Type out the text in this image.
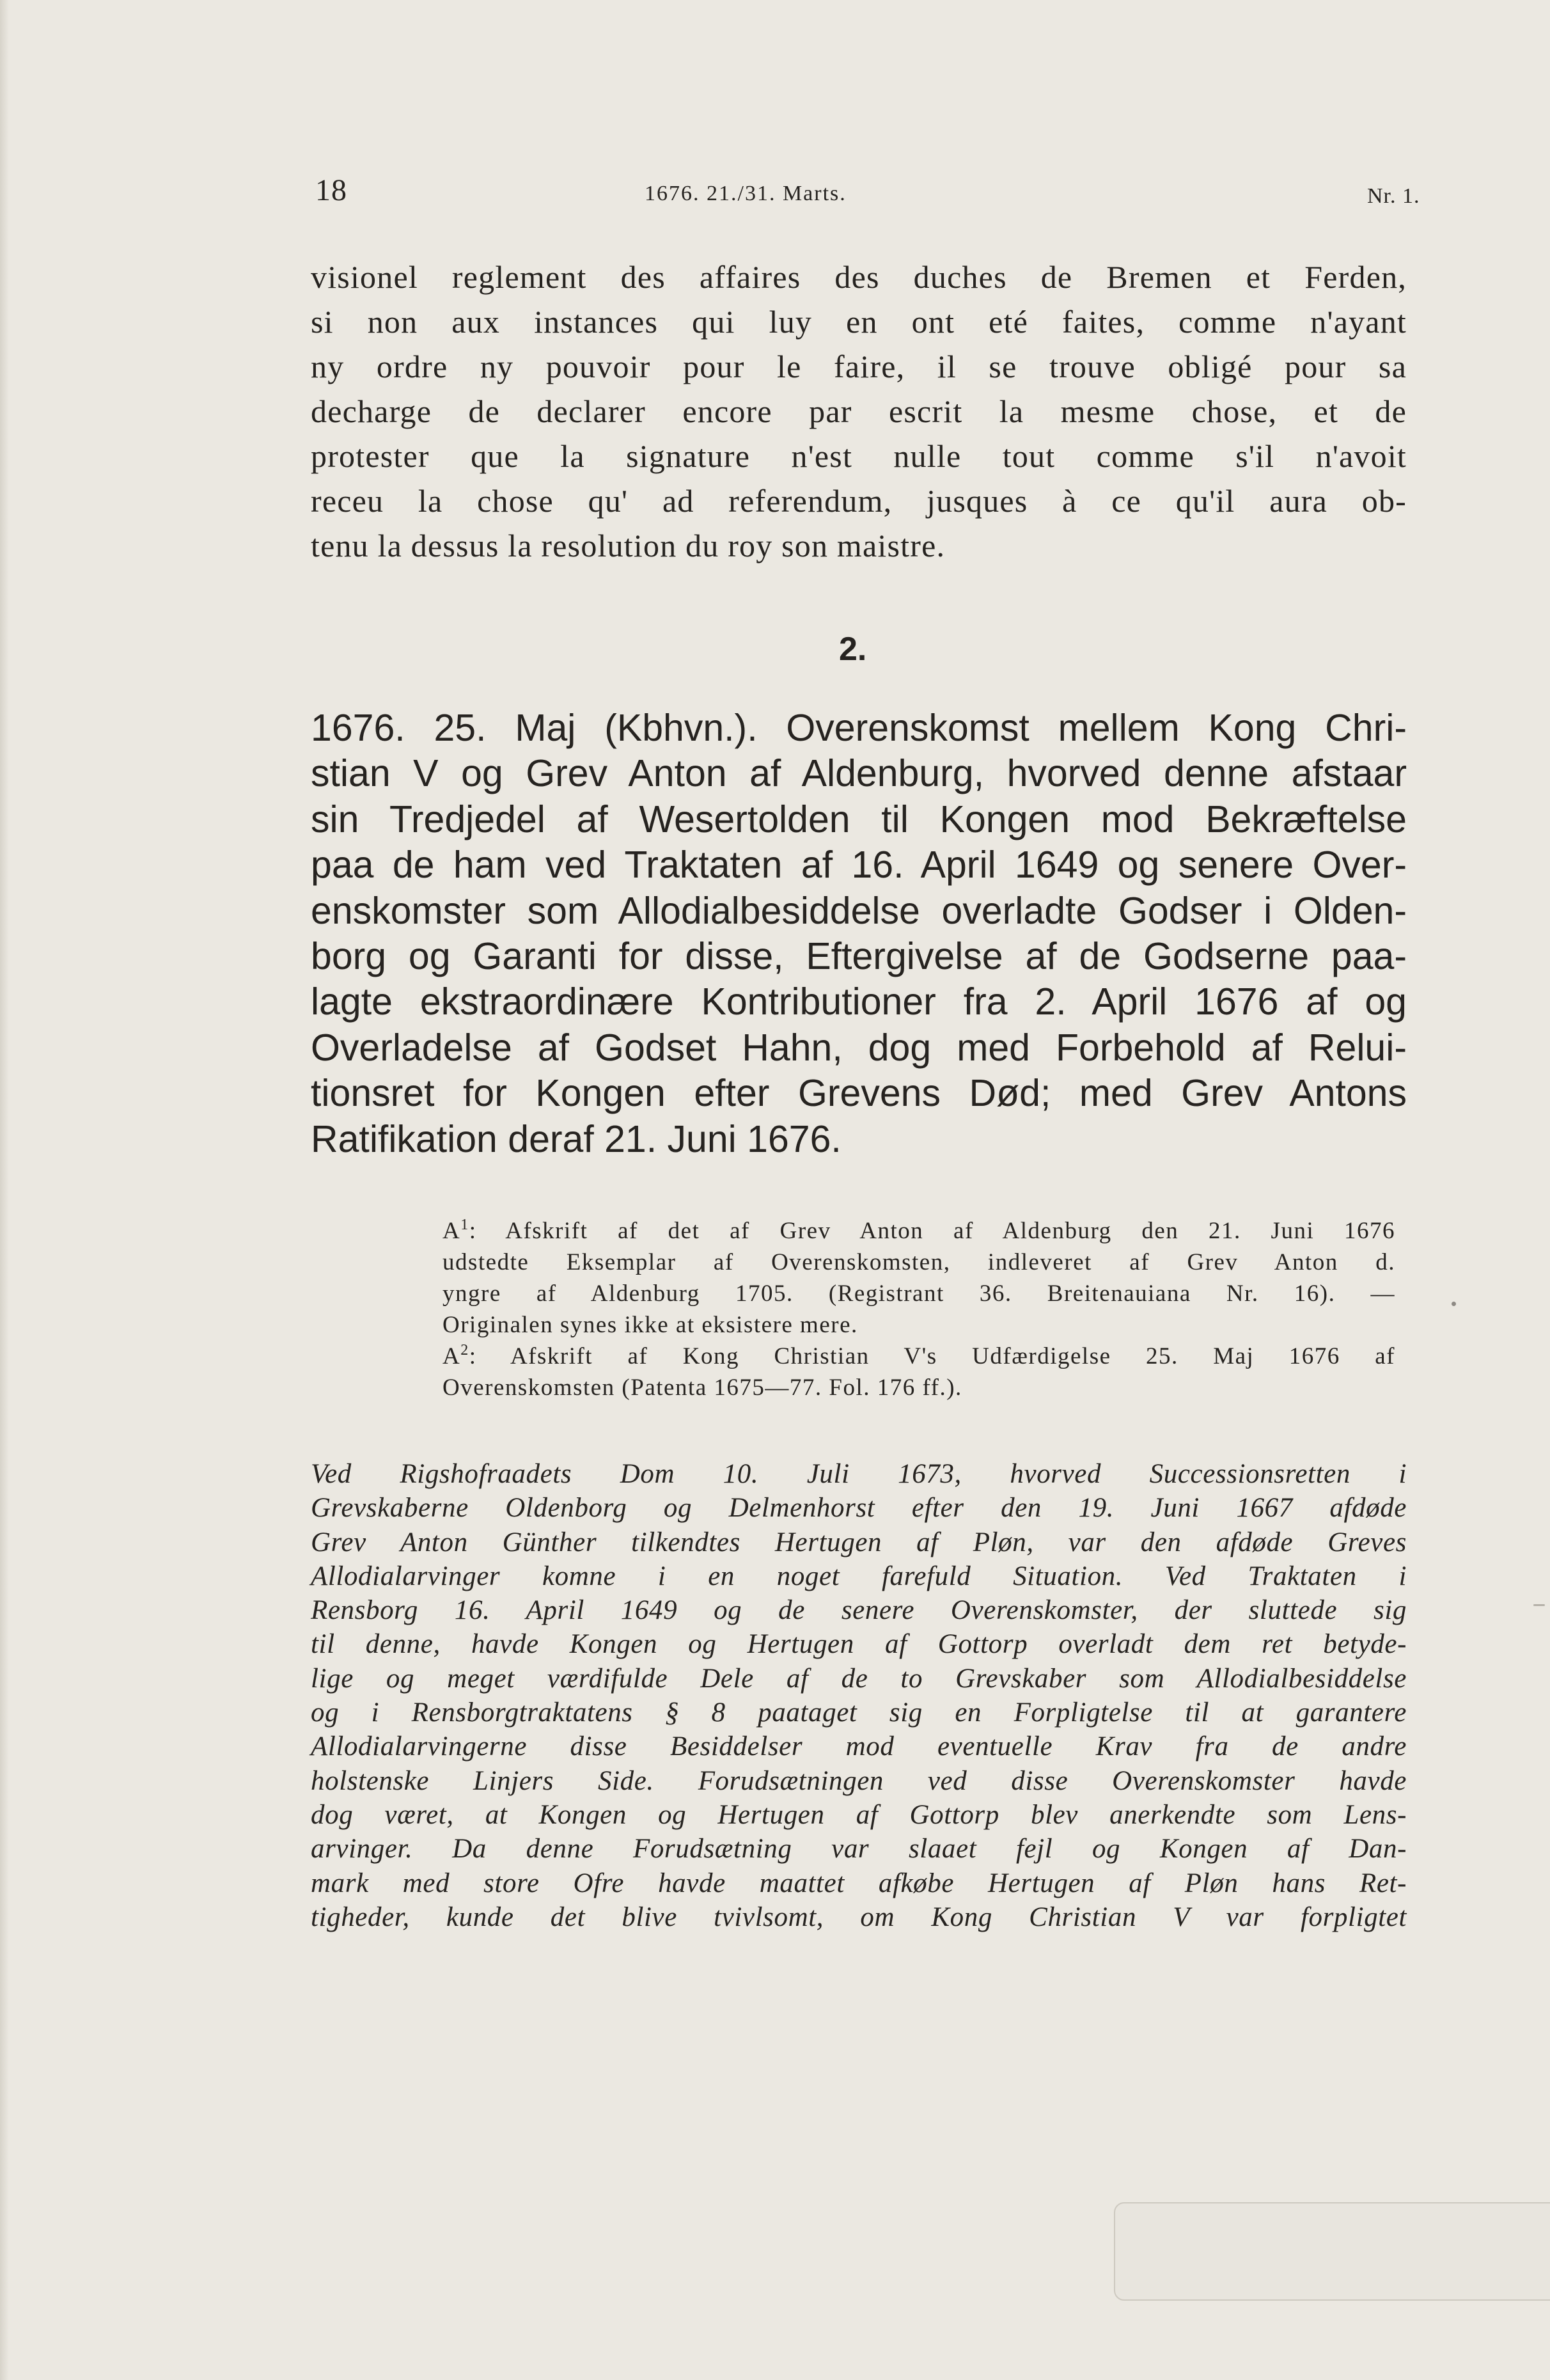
18	1676. 21./31. Marts.	Nr. 1.

visionel reglement des affaires des duches de Bremen et Ferden,

si non aux instances qui luy en ont eté faites, comme n'ayant

ny ordre ny pouvoir pour le faire, il se trouve obligé pour sa

decharge de declarer encore par escrit la mesme chose, et de

protester que la signature n'est nulle tout comme s'il n'avoit

receu la chose qu' ad referendum, jusques à ce qu'il aura ob-

tenu la dessus la resolution du roy son maistre.

2.

1676. 25. Maj (Kbhvn.). Overenskomst mellem Kong Chri-

stian V og Grev Anton af Aldenburg, hvorved denne afstaar

sin Tredjedel af Wesertolden til Kongen mod Bekræftelse

paa de ham ved Traktaten af 16. April 1649 og senere Over-

enskomster som Allodialbesiddelse overladte Godser i Olden-

borg og Garanti for disse, Eftergivelse af de Godserne paa-

lagte ekstraordinære Kontributioner fra 2. April 1676 af og

Overladelse af Godset Hahn, dog med Forbehold af Relui-

tionsret for Kongen efter Grevens Død; med Grev Antons

Ratifikation deraf 21. Juni 1676.

$A^1$: Afskrift af det af Grev Anton af Aldenburg den 21. Juni 1676

udstedte Eksemplar af Overenskomsten, indleveret af Grev Anton d.

yngre af Aldenburg 1705. (Registrant 36. Breitenauiana Nr. 16). —

Originalen synes ikke at eksistere mere.

$A^2$: Afskrift af Kong Christian V's Udfærdigelse 25. Maj 1676 af

Overenskomsten (Patenta 1675—77. Fol. 176 ff.).

Ved Rigshofraadets Dom 10. Juli 1673, hvorved Successionsretten i

Grevskaberne Oldenborg og Delmenhorst efter den 19. Juni 1667 afdøde

Grev Anton Günther tilkendtes Hertugen af Pløn, var den afdøde Greves

Allodialarvinger komne i en noget farefuld Situation. Ved Traktaten i

Rensborg 16. April 1649 og de senere Overenskomster, der sluttede sig

til denne, havde Kongen og Hertugen af Gottorp overladt dem ret betyde-

lige og meget værdifulde Dele af de to Grevskaber som Allodialbesiddelse

og i Rensborgtraktatens § 8 paataget sig en Forpligtelse til at garantere

Allodialarvingerne disse Besiddelser mod eventuelle Krav fra de andre

holstenske Linjers Side. Forudsætningen ved disse Overenskomster havde

dog været, at Kongen og Hertugen af Gottorp blev anerkendte som Lens-

arvinger. Da denne Forudsætning var slaaet fejl og Kongen af Dan-

mark med store Ofre havde maattet afkøbe Hertugen af Pløn hans Ret-

tigheder, kunde det blive tvivlsomt, om Kong Christian V var forpligtet
